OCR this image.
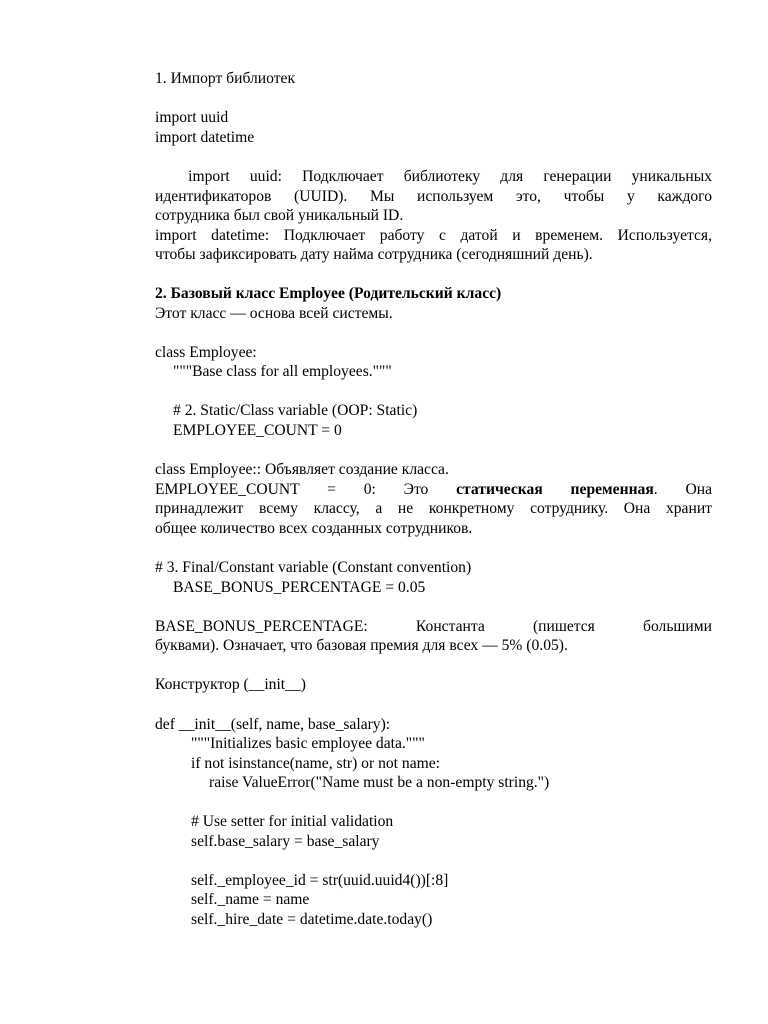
1. Импорт библиотек
import uuid
import datetime
import uuid: Подключает библиотеку для генерации уникальных
идентификаторов (UUID). Мы используем это, чтобы у каждого
сотрудника был свой уникальный ID.
import datetime: Подключает работу с датой и временем. Используется,
чтобы зафиксировать дату найма сотрудника (сегодняшний день).
2. Базовый класс Employee (Родительский класс)
Этот класс — основа всей системы.
class Employee:
"""Base class for all employees."""
# 2. Static/Class variable (OOP: Static)
EMPLOYEE_COUNT = 0
class Employee:: Объявляет создание класса.
EMPLOYEE_COUNT = 0: Это статическая переменная. Она
принадлежит всему классу, а не конкретному сотруднику. Она хранит
общее количество всех созданных сотрудников.
# 3. Final/Constant variable (Constant convention)
BASE_BONUS_PERCENTAGE = 0.05
BASE_BONUS_PERCENTAGE: Константа (пишется большими
буквами). Означает, что базовая премия для всех — 5% (0.05).
Конструктор (__init__)
def __init__(self, name, base_salary):
"""Initializes basic employee data."""
if not isinstance(name, str) or not name:
raise ValueError("Name must be a non-empty string.")
# Use setter for initial validation
self.base_salary = base_salary
self._employee_id = str(uuid.uuid4())[:8]
self._name = name
self._hire_date = datetime.date.today()
